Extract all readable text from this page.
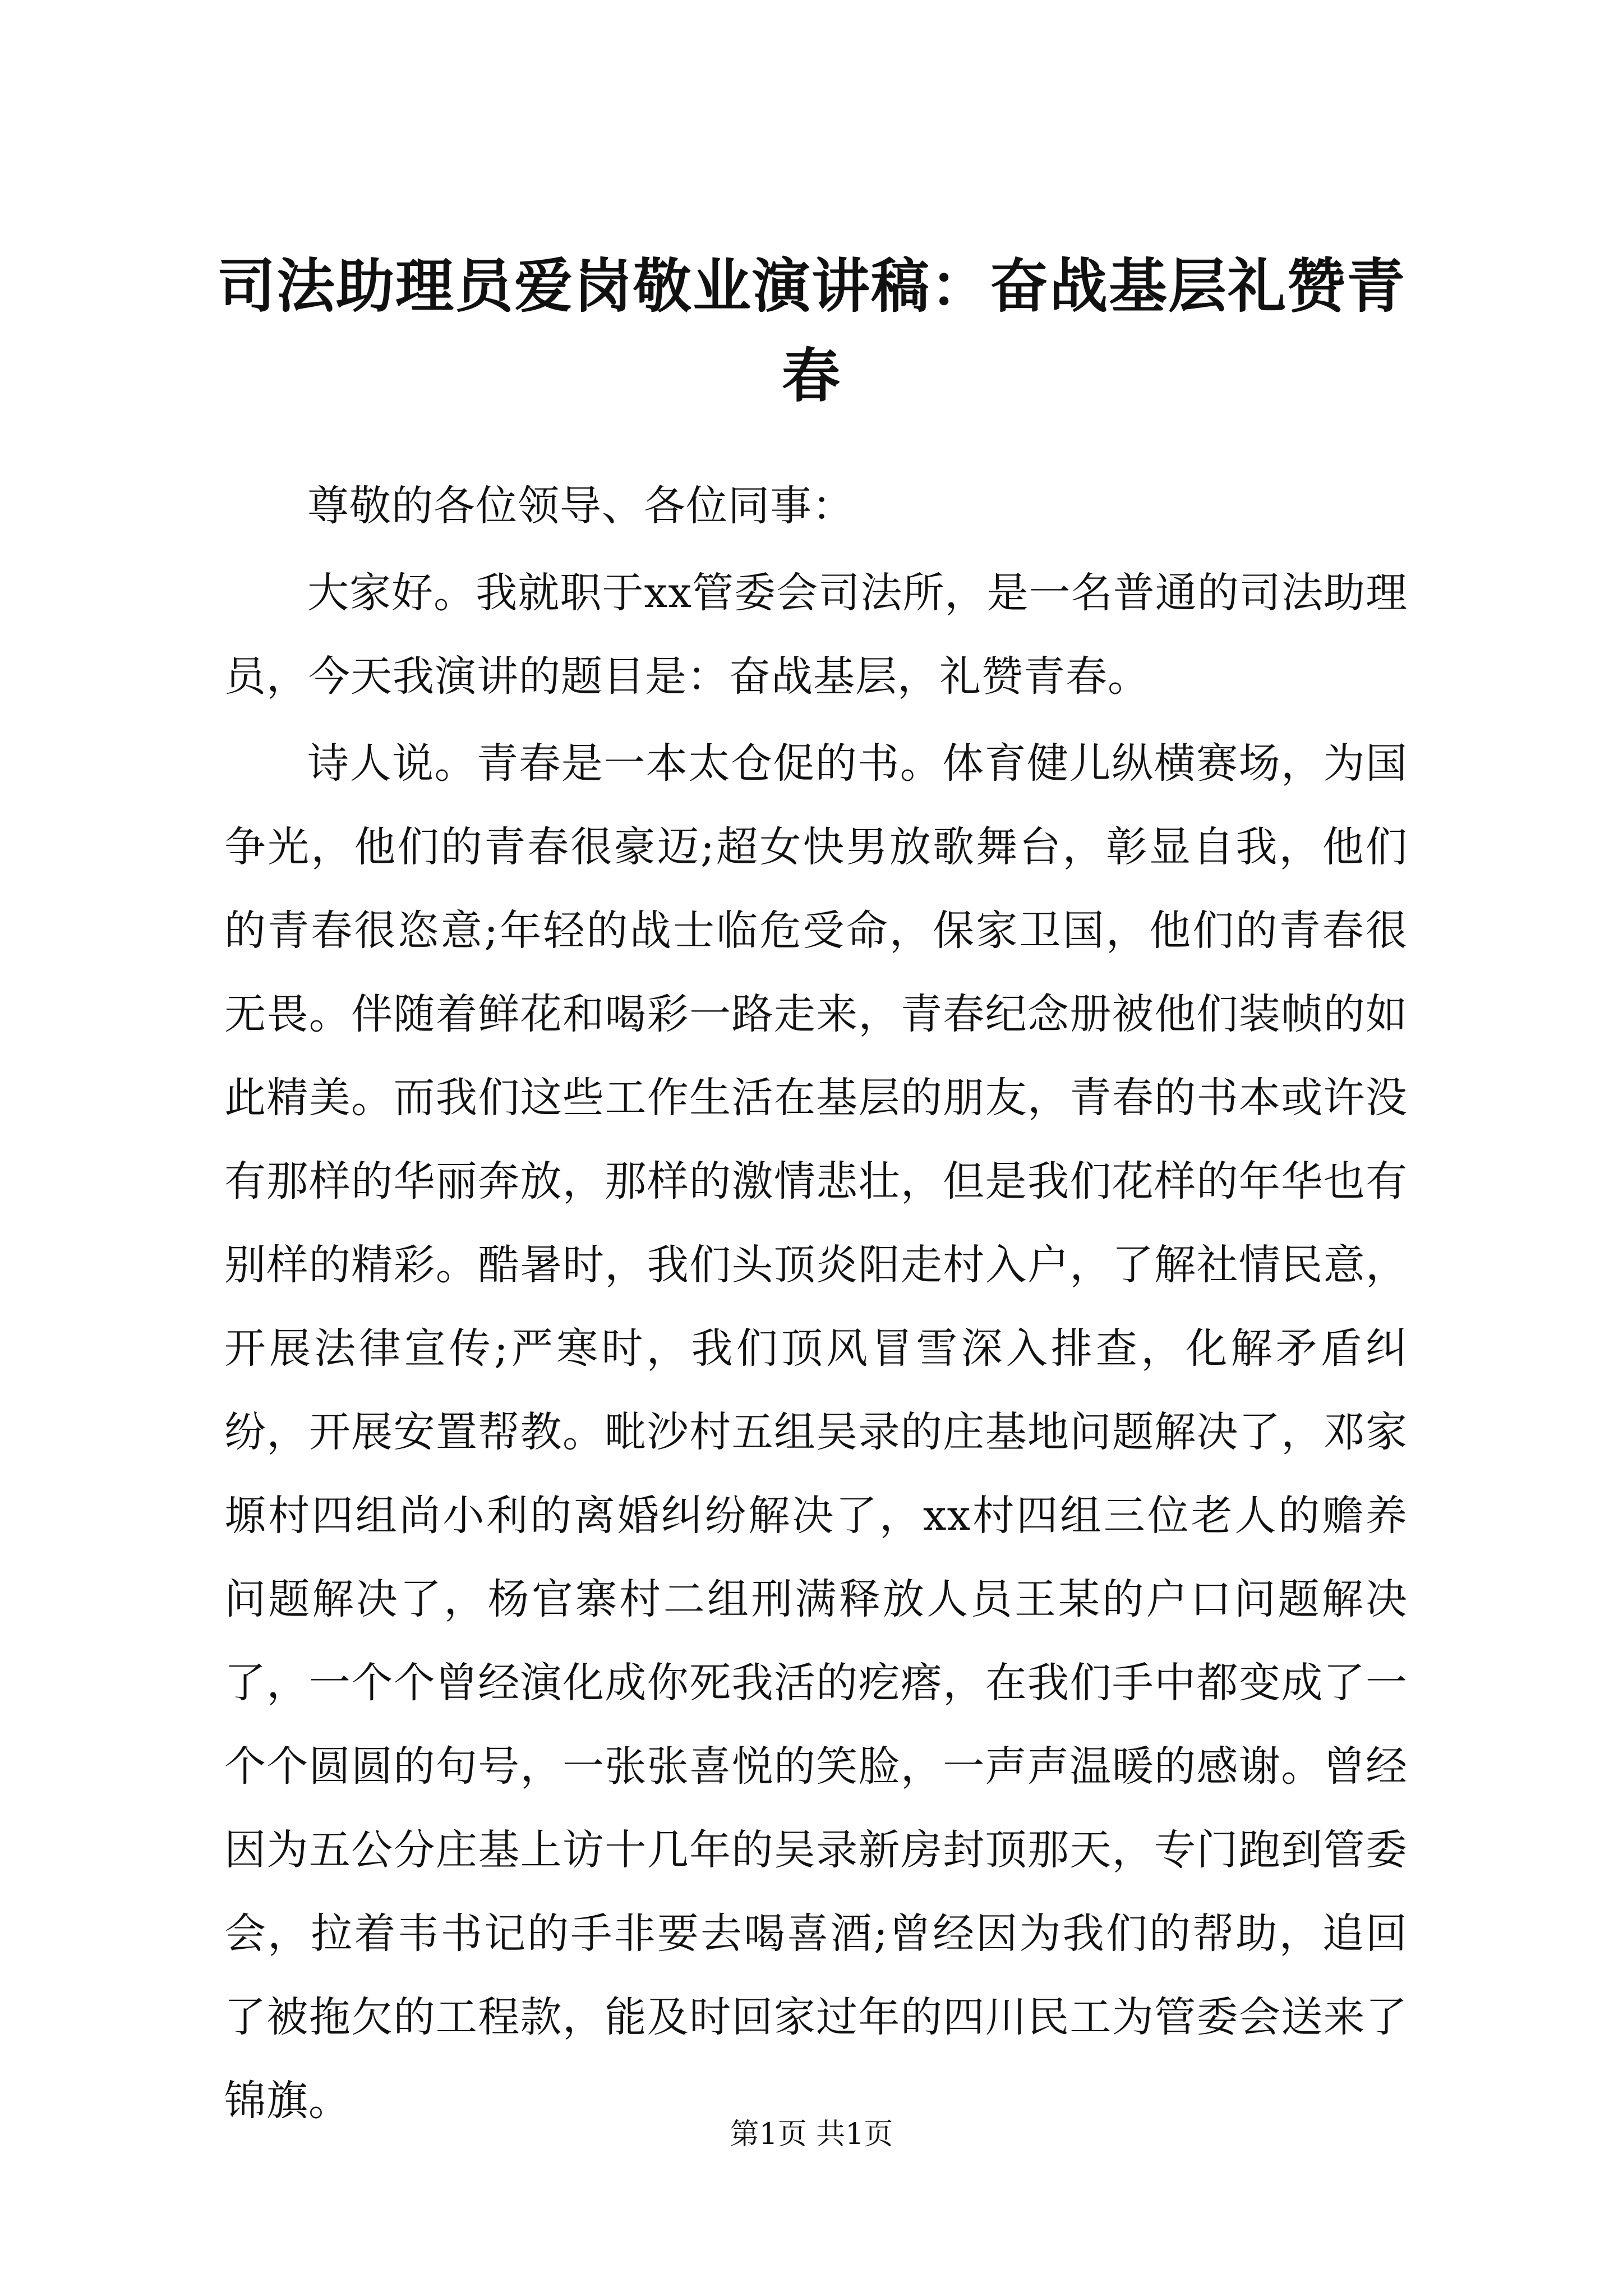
司法助理员爱岗敬业演讲稿：奋战基层礼赞青春

尊敬的各位领导、各位同事：

大家好。我就职于xx管委会司法所，是一名普通的司法助理员，今天我演讲的题目是：奋战基层，礼赞青春。

诗人说。青春是一本太仓促的书。体育健儿纵横赛场，为国争光，他们的青春很豪迈;超女快男放歌舞台，彰显自我，他们的青春很恣意;年轻的战士临危受命，保家卫国，他们的青春很无畏。伴随着鲜花和喝彩一路走来，青春纪念册被他们装帧的如此精美。而我们这些工作生活在基层的朋友，青春的书本或许没有那样的华丽奔放，那样的激情悲壮，但是我们花样的年华也有别样的精彩。酷暑时，我们头顶炎阳走村入户，了解社情民意，开展法律宣传;严寒时，我们顶风冒雪深入排查，化解矛盾纠纷，开展安置帮教。毗沙村五组吴录的庄基地问题解决了，邓家塬村四组尚小利的离婚纠纷解决了，xx村四组三位老人的赡养问题解决了，杨官寨村二组刑满释放人员王某的户口问题解决了，一个个曾经演化成你死我活的疙瘩，在我们手中都变成了一个个圆圆的句号，一张张喜悦的笑脸，一声声温暖的感谢。曾经因为五公分庄基上访十几年的吴录新房封顶那天，专门跑到管委会，拉着韦书记的手非要去喝喜酒;曾经因为我们的帮助，追回了被拖欠的工程款，能及时回家过年的四川民工为管委会送来了锦旗。

第1页 共1页
